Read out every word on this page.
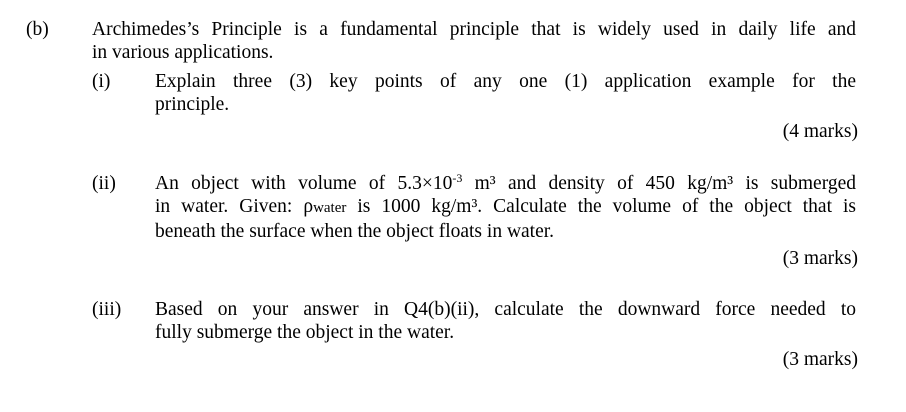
(b) Archimedes’s Principle is a fundamental principle that is widely used in daily life and
in various applications.
(i) Explain three (3) key points of any one (1) application example for the
principle.
(4 marks)
(ii) An object with volume of $5.3\times 10^{-3}$ m³ and density of 450 kg/m³ is submerged
in water. Given: ρwater is 1000 kg/m³. Calculate the volume of the object that is
beneath the surface when the object floats in water.
(3 marks)
(iii) Based on your answer in Q4(b)(ii), calculate the downward force needed to
fully submerge the object in the water.
(3 marks)
